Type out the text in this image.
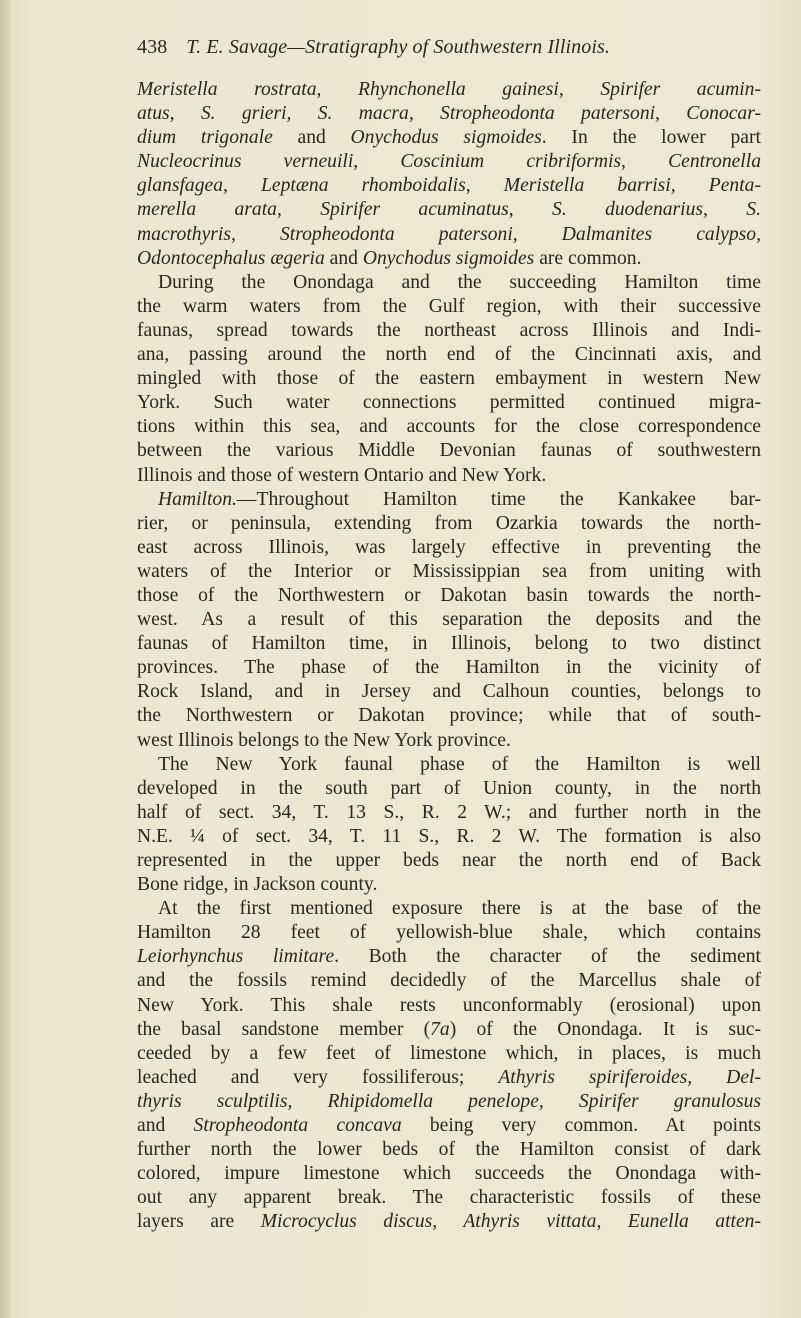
438 T. E. Savage—Stratigraphy of Southwestern Illinois.
Meristella rostrata, Rhynchonella gainesi, Spirifer acumin-
atus, S. grieri, S. macra, Stropheodonta patersoni, Conocar-
dium trigonale and Onychodus sigmoides. In the lower part
Nucleocrinus verneuili, Coscinium cribriformis, Centronella
glansfagea, Leptæna rhomboidalis, Meristella barrisi, Penta-
merella arata, Spirifer acuminatus, S. duodenarius, S.
macrothyris, Stropheodonta patersoni, Dalmanites calypso,
Odontocephalus ægeria and Onychodus sigmoides are common.
During the Onondaga and the succeeding Hamilton time
the warm waters from the Gulf region, with their successive
faunas, spread towards the northeast across Illinois and Indi-
ana, passing around the north end of the Cincinnati axis, and
mingled with those of the eastern embayment in western New
York. Such water connections permitted continued migra-
tions within this sea, and accounts for the close correspondence
between the various Middle Devonian faunas of southwestern
Illinois and those of western Ontario and New York.
Hamilton.—Throughout Hamilton time the Kankakee bar-
rier, or peninsula, extending from Ozarkia towards the north-
east across Illinois, was largely effective in preventing the
waters of the Interior or Mississippian sea from uniting with
those of the Northwestern or Dakotan basin towards the north-
west. As a result of this separation the deposits and the
faunas of Hamilton time, in Illinois, belong to two distinct
provinces. The phase of the Hamilton in the vicinity of
Rock Island, and in Jersey and Calhoun counties, belongs to
the Northwestern or Dakotan province; while that of south-
west Illinois belongs to the New York province.
The New York faunal phase of the Hamilton is well
developed in the south part of Union county, in the north
half of sect. 34, T. 13 S., R. 2 W.; and further north in the
N.E. ¼ of sect. 34, T. 11 S., R. 2 W. The formation is also
represented in the upper beds near the north end of Back
Bone ridge, in Jackson county.
At the first mentioned exposure there is at the base of the
Hamilton 28 feet of yellowish-blue shale, which contains
Leiorhynchus limitare. Both the character of the sediment
and the fossils remind decidedly of the Marcellus shale of
New York. This shale rests unconformably (erosional) upon
the basal sandstone member (7a) of the Onondaga. It is suc-
ceeded by a few feet of limestone which, in places, is much
leached and very fossiliferous; Athyris spiriferoides, Del-
thyris sculptilis, Rhipidomella penelope, Spirifer granulosus
and Stropheodonta concava being very common. At points
further north the lower beds of the Hamilton consist of dark
colored, impure limestone which succeeds the Onondaga with-
out any apparent break. The characteristic fossils of these
layers are Microcyclus discus, Athyris vittata, Eunella atten-
